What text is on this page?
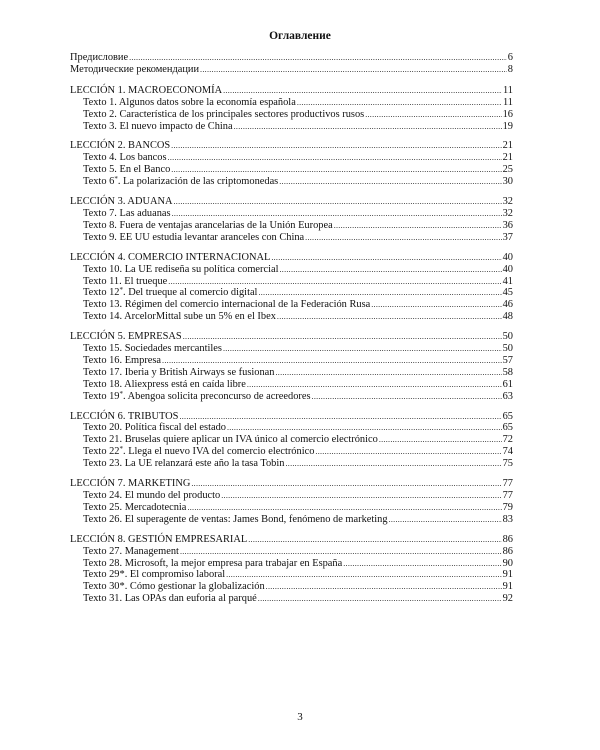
Оглавление
Предисловие .....	6
Методические рекомендации .....	8
LECCIÓN 1. MACROECONOMÍA .....	11
Texto 1. Algunos datos sobre la economía española .....	11
Texto 2. Característica de los principales sectores productivos rusos .....	16
Texto 3. El nuevo impacto de China .....	19
LECCIÓN 2. BANCOS .....	21
Texto 4. Los bancos .....	21
Texto 5. En el Banco .....	25
Texto 6*. La polarización de las criptomonedas .....	30
LECCIÓN 3. ADUANA .....	32
Texto 7. Las aduanas .....	32
Texto 8. Fuera de ventajas arancelarias de la Unión Europea .....	36
Texto 9. EE UU estudia levantar aranceles con China .....	37
LECCIÓN 4. COMERCIO INTERNACIONAL .....	40
Texto 10. La UE rediseña su política comercial .....	40
Texto 11. El trueque .....	41
Texto 12*. Del trueque al comercio digital .....	45
Texto 13. Régimen del comercio internacional de la Federación Rusa .....	46
Texto 14. ArcelorMittal sube un 5% en el Ibex .....	48
LECCIÓN 5. EMPRESAS .....	50
Texto 15. Sociedades mercantiles .....	50
Texto 16. Empresa .....	57
Texto 17. Iberia y British Airways se fusionan .....	58
Texto 18. Aliexpress está en caída libre .....	61
Texto 19*. Abengoa solicita preconcurso de acreedores .....	63
LECCIÓN 6. TRIBUTOS .....	65
Texto 20. Política fiscal del estado .....	65
Texto 21. Bruselas quiere aplicar un IVA único al comercio electrónico .....	72
Texto 22*. Llega el nuevo IVA del comercio electrónico .....	74
Texto 23. La UE relanzará este año la tasa Tobin .....	75
LECCIÓN 7. MARKETING .....	77
Texto 24. El mundo del producto .....	77
Texto 25. Mercadotecnia .....	79
Texto 26. El superagente de ventas: James Bond, fenómeno de marketing .....	83
LECCIÓN 8. GESTIÓN EMPRESARIAL .....	86
Texto 27. Management .....	86
Texto 28. Microsoft, la mejor empresa para trabajar en España .....	90
Texto 29*. El compromiso laboral .....	91
Texto 30*. Cómo gestionar la globalización .....	91
Texto 31. Las OPAs dan euforia al parqué .....	92
3
